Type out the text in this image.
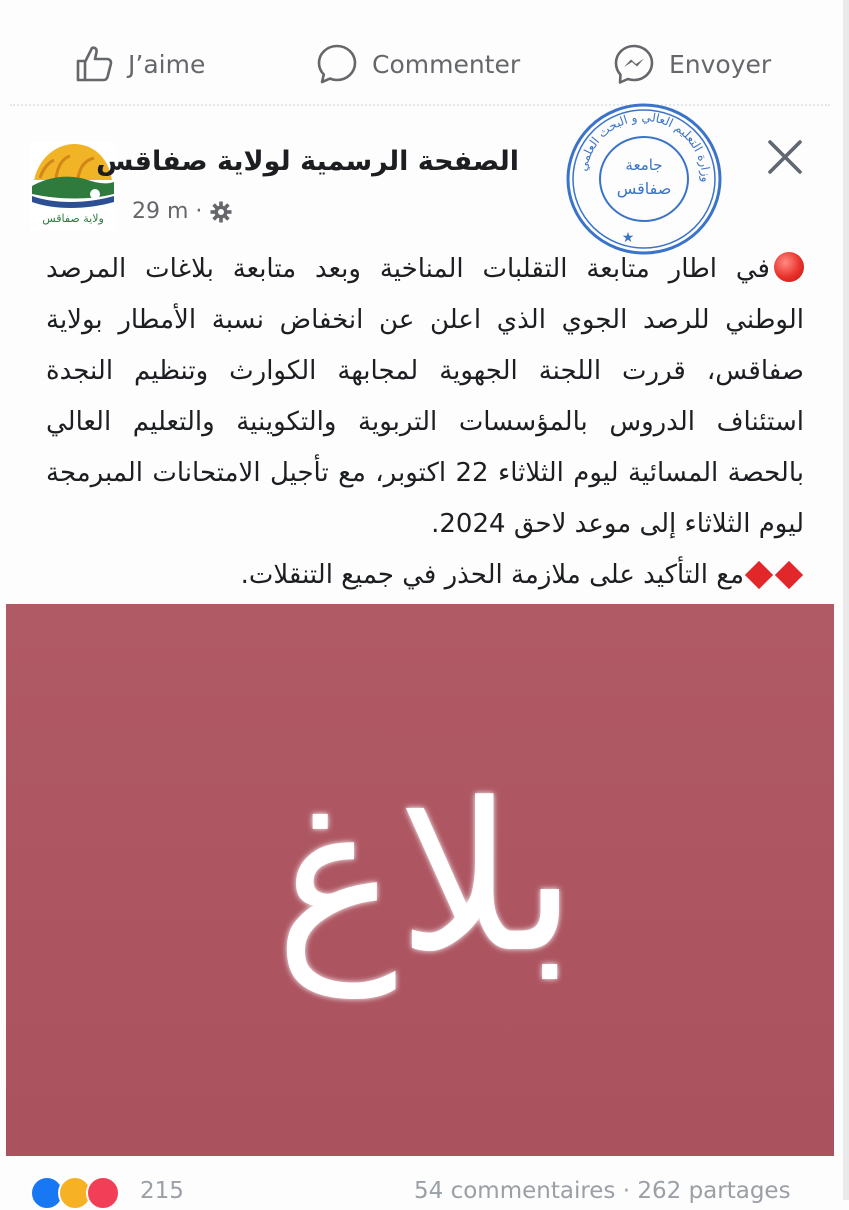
J’aime	Commenter	Envoyer
ولاية صفاقس
الصفحة الرسمية لولاية صفاقس
29 m ·
وزارة التعليم العالي و البحث العلمي
جامعة
صفاقس
★

في اطار متابعة التقلبات المناخية وبعد متابعة بلاغات المرصد الوطني للرصد الجوي الذي اعلن عن انخفاض نسبة الأمطار بولاية صفاقس، قررت اللجنة الجهوية لمجابهة الكوارث وتنظيم النجدة استئناف الدروس بالمؤسسات التربوية والتكوينية والتعليم العالي بالحصة المسائية ليوم الثلاثاء 22 اكتوبر، مع تأجيل الامتحانات المبرمجة ليوم الثلاثاء إلى موعد لاحق 2024.

مع التأكيد على ملازمة الحذر في جميع التنقلات.

بلاغ
215	54 commentaires · 262 partages
